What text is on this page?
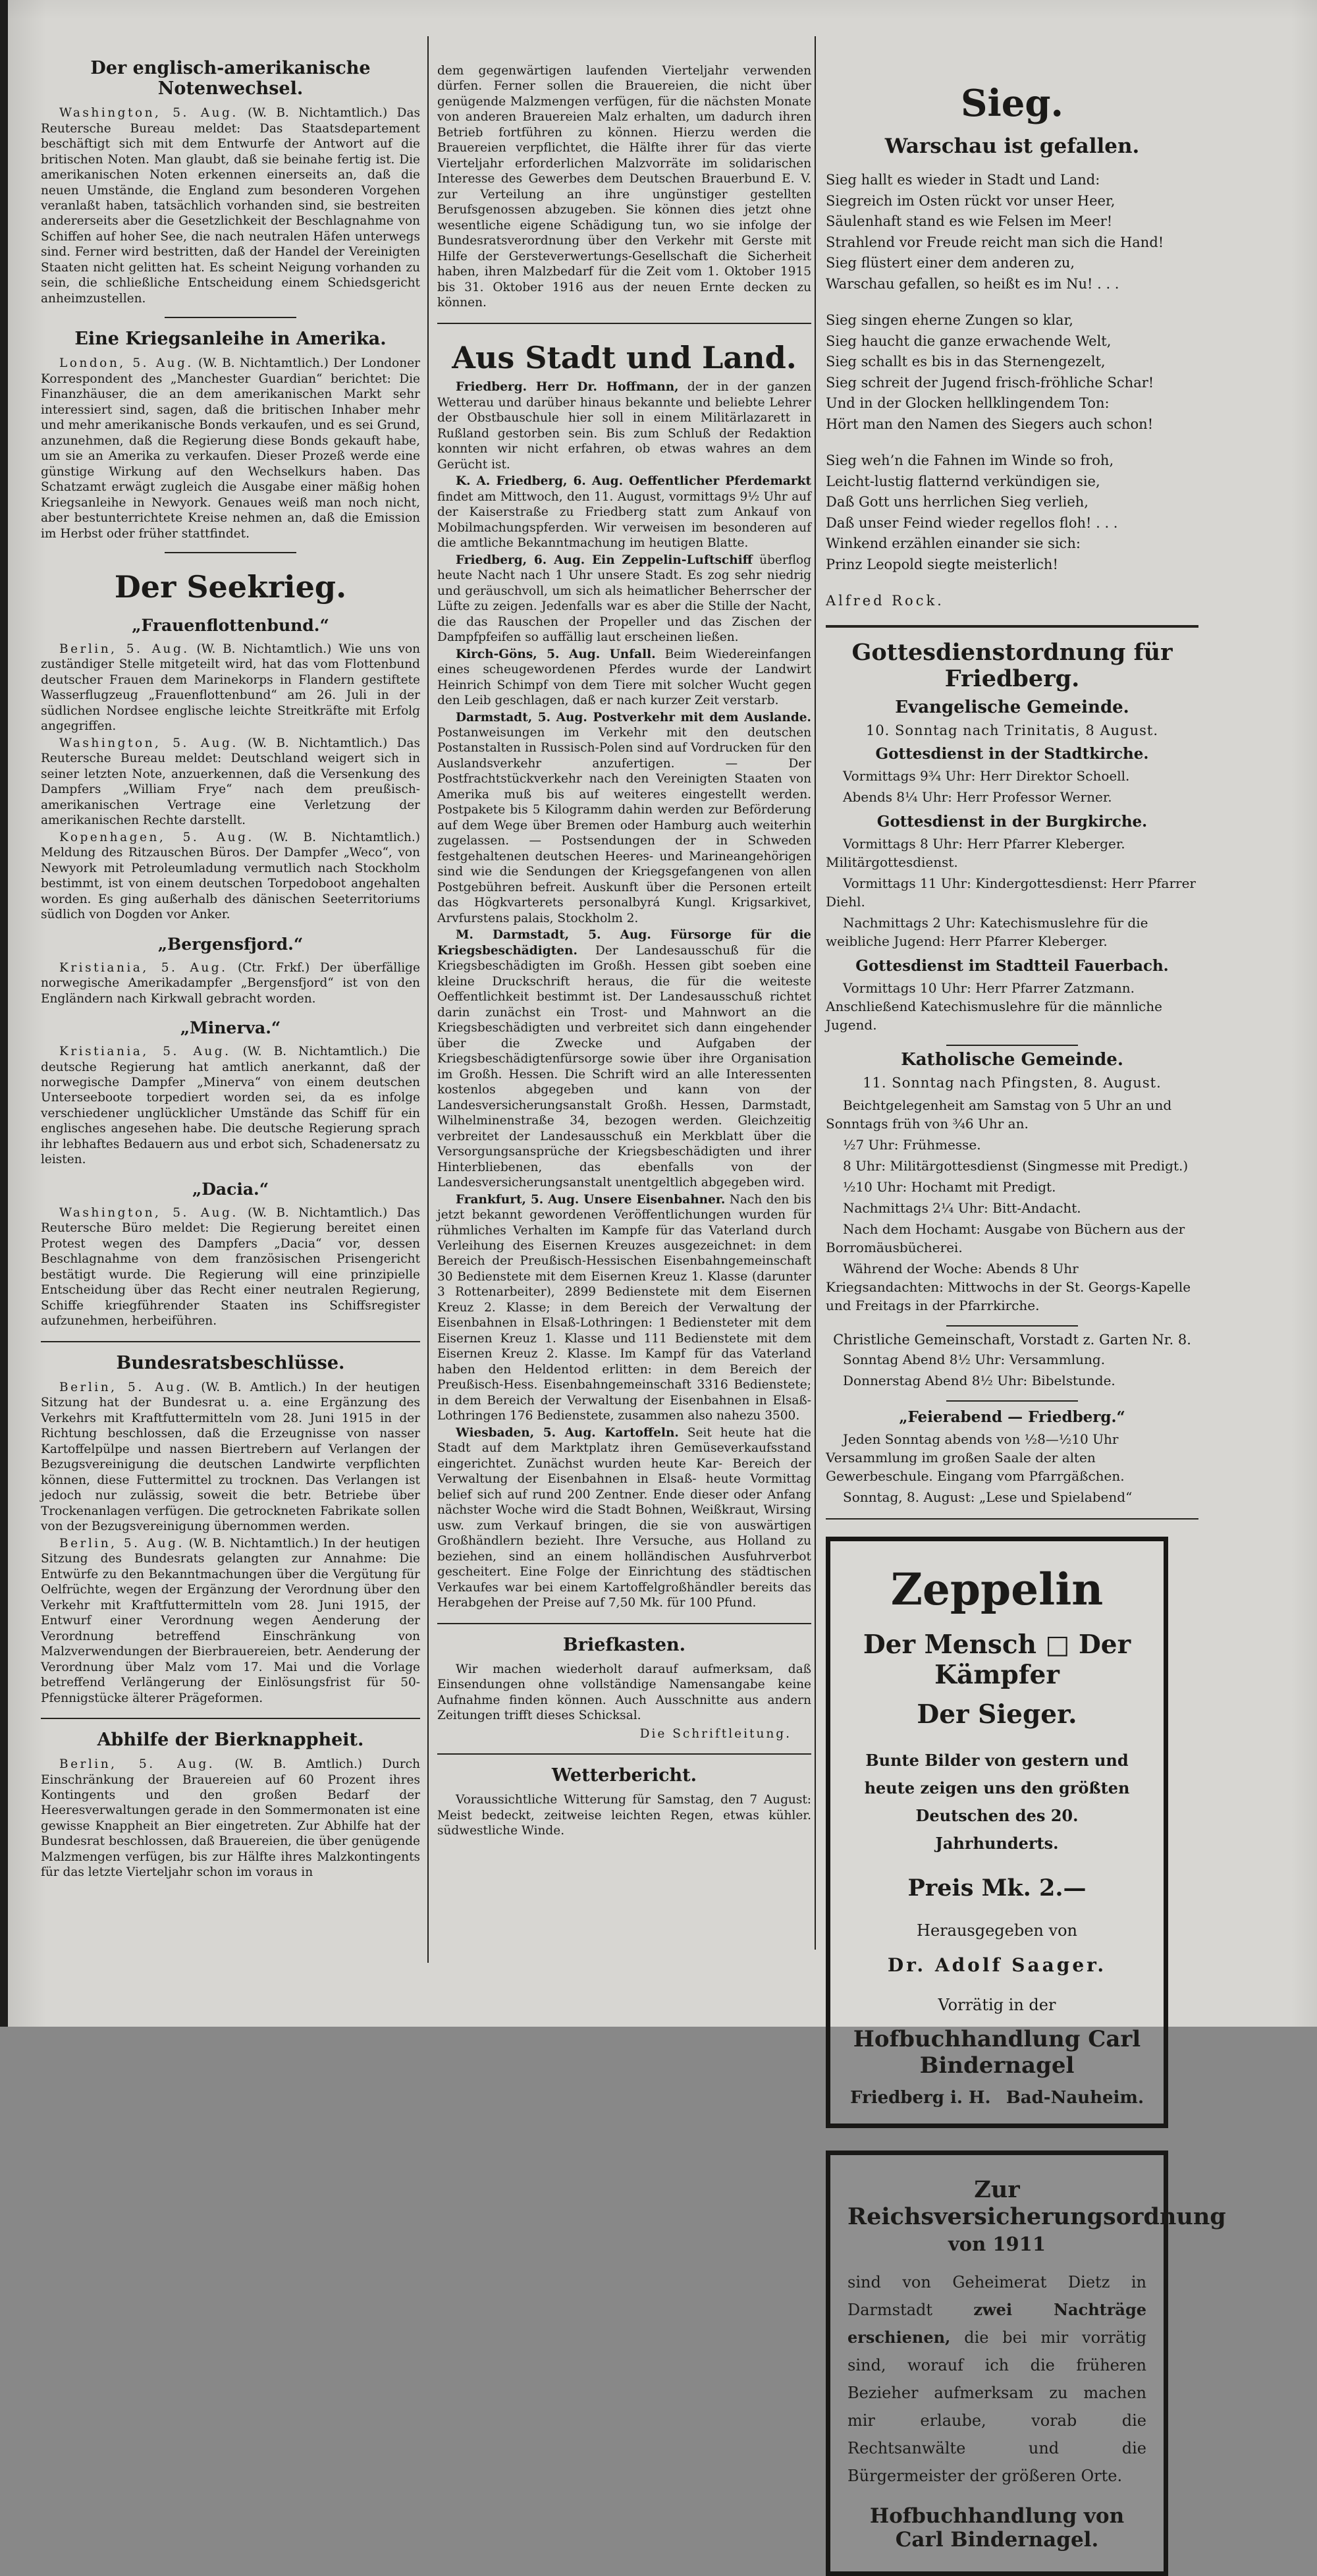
Der englisch-amerikanische Notenwechsel.

Washington, 5. Aug. (W. B. Nichtamtlich.) Das Reutersche Bureau meldet: Das Staatsdepartement beschäftigt sich mit dem Entwurfe der Antwort auf die britischen Noten. Man glaubt, daß sie beinahe fertig ist. Die amerikanischen Noten erkennen einerseits an, daß die neuen Umstände, die England zum besonderen Vorgehen veranlaßt haben, tatsächlich vorhanden sind, sie bestreiten andererseits aber die Gesetzlichkeit der Beschlagnahme von Schiffen auf hoher See, die nach neutralen Häfen unterwegs sind. Ferner wird bestritten, daß der Handel der Vereinigten Staaten nicht gelitten hat. Es scheint Neigung vorhanden zu sein, die schließliche Entscheidung einem Schiedsgericht anheimzustellen.

Eine Kriegsanleihe in Amerika.

London, 5. Aug. (W. B. Nichtamtlich.) Der Londoner Korrespondent des „Manchester Guardian“ berichtet: Die Finanzhäuser, die an dem amerikanischen Markt sehr interessiert sind, sagen, daß die britischen Inhaber mehr und mehr amerikanische Bonds verkaufen, und es sei Grund, anzunehmen, daß die Regierung diese Bonds gekauft habe, um sie an Amerika zu verkaufen. Dieser Prozeß werde eine günstige Wirkung auf den Wechselkurs haben. Das Schatzamt erwägt zugleich die Ausgabe einer mäßig hohen Kriegsanleihe in Newyork. Genaues weiß man noch nicht, aber bestunterrichtete Kreise nehmen an, daß die Emission im Herbst oder früher stattfindet.

Der Seekrieg.
„Frauenflottenbund.“

Berlin, 5. Aug. (W. B. Nichtamtlich.) Wie uns von zuständiger Stelle mitgeteilt wird, hat das vom Flottenbund deutscher Frauen dem Marinekorps in Flandern gestiftete Wasserflugzeug „Frauenflottenbund“ am 26. Juli in der südlichen Nordsee englische leichte Streitkräfte mit Erfolg angegriffen.

Washington, 5. Aug. (W. B. Nichtamtlich.) Das Reutersche Bureau meldet: Deutschland weigert sich in seiner letzten Note, anzuerkennen, daß die Versenkung des Dampfers „William Frye“ nach dem preußisch-amerikanischen Vertrage eine Verletzung der amerikanischen Rechte darstellt.

Kopenhagen, 5. Aug. (W. B. Nichtamtlich.) Meldung des Ritzauschen Büros. Der Dampfer „Weco“, von Newyork mit Petroleumladung vermutlich nach Stockholm bestimmt, ist von einem deutschen Torpedoboot angehalten worden. Es ging außerhalb des dänischen Seeterritoriums südlich von Dogden vor Anker.

„Bergensfjord.“

Kristiania, 5. Aug. (Ctr. Frkf.) Der überfällige norwegische Amerikadampfer „Bergensfjord“ ist von den Engländern nach Kirkwall gebracht worden.

„Minerva.“

Kristiania, 5. Aug. (W. B. Nichtamtlich.) Die deutsche Regierung hat amtlich anerkannt, daß der norwegische Dampfer „Minerva“ von einem deutschen Unterseeboote torpediert worden sei, da es infolge verschiedener unglücklicher Umstände das Schiff für ein englisches angesehen habe. Die deutsche Regierung sprach ihr lebhaftes Bedauern aus und erbot sich, Schadenersatz zu leisten.

„Dacia.“

Washington, 5. Aug. (W. B. Nichtamtlich.) Das Reutersche Büro meldet: Die Regierung bereitet einen Protest wegen des Dampfers „Dacia“ vor, dessen Beschlagnahme von dem französischen Prisengericht bestätigt wurde. Die Regierung will eine prinzipielle Entscheidung über das Recht einer neutralen Regierung, Schiffe kriegführender Staaten ins Schiffsregister aufzunehmen, herbeiführen.

Bundesratsbeschlüsse.

Berlin, 5. Aug. (W. B. Amtlich.) In der heutigen Sitzung hat der Bundesrat u. a. eine Ergänzung des Verkehrs mit Kraftfuttermitteln vom 28. Juni 1915 in der Richtung beschlossen, daß die Erzeugnisse von nasser Kartoffelpülpe und nassen Biertrebern auf Verlangen der Bezugsvereinigung die deutschen Landwirte verpflichten können, diese Futtermittel zu trocknen. Das Verlangen ist jedoch nur zulässig, soweit die betr. Betriebe über Trockenanlagen verfügen. Die getrockneten Fabrikate sollen von der Bezugsvereinigung übernommen werden.

Berlin, 5. Aug. (W. B. Nichtamtlich.) In der heutigen Sitzung des Bundesrats gelangten zur Annahme: Die Entwürfe zu den Bekanntmachungen über die Vergütung für Oelfrüchte, wegen der Ergänzung der Verordnung über den Verkehr mit Kraftfuttermitteln vom 28. Juni 1915, der Entwurf einer Verordnung wegen Aenderung der Verordnung betreffend Einschränkung von Malzverwendungen der Bierbrauereien, betr. Aenderung der Verordnung über Malz vom 17. Mai und die Vorlage betreffend Verlängerung der Einlösungsfrist für 50-Pfennigstücke älterer Prägeformen.

Abhilfe der Bierknappheit.

Berlin, 5. Aug. (W. B. Amtlich.) Durch Einschränkung der Brauereien auf 60 Prozent ihres Kontingents und den großen Bedarf der Heeresverwaltungen gerade in den Sommermonaten ist eine gewisse Knappheit an Bier eingetreten. Zur Abhilfe hat der Bundesrat beschlossen, daß Brauereien, die über genügende Malzmengen verfügen, bis zur Hälfte ihres Malzkontingents für das letzte Vierteljahr schon im voraus in

dem gegenwärtigen laufenden Vierteljahr verwenden dürfen. Ferner sollen die Brauereien, die nicht über genügende Malzmengen verfügen, für die nächsten Monate von anderen Brauereien Malz erhalten, um dadurch ihren Betrieb fortführen zu können. Hierzu werden die Brauereien verpflichtet, die Hälfte ihrer für das vierte Vierteljahr erforderlichen Malzvorräte im solidarischen Interesse des Gewerbes dem Deutschen Brauerbund E. V. zur Verteilung an ihre ungünstiger gestellten Berufsgenossen abzugeben. Sie können dies jetzt ohne wesentliche eigene Schädigung tun, wo sie infolge der Bundesratsverordnung über den Verkehr mit Gerste mit Hilfe der Gersteverwertungs-Gesellschaft die Sicherheit haben, ihren Malzbedarf für die Zeit vom 1. Oktober 1915 bis 31. Oktober 1916 aus der neuen Ernte decken zu können.

Aus Stadt und Land.

Friedberg. Herr Dr. Hoffmann, der in der ganzen Wetterau und darüber hinaus bekannte und beliebte Lehrer der Obstbauschule hier soll in einem Militärlazarett in Rußland gestorben sein. Bis zum Schluß der Redaktion konnten wir nicht erfahren, ob etwas wahres an dem Gerücht ist.

K. A. Friedberg, 6. Aug. Oeffentlicher Pferdemarkt findet am Mittwoch, den 11. August, vormittags 9½ Uhr auf der Kaiserstraße zu Friedberg statt zum Ankauf von Mobilmachungspferden. Wir verweisen im besonderen auf die amtliche Bekanntmachung im heutigen Blatte.

Friedberg, 6. Aug. Ein Zeppelin-Luftschiff überflog heute Nacht nach 1 Uhr unsere Stadt. Es zog sehr niedrig und geräuschvoll, um sich als heimatlicher Beherrscher der Lüfte zu zeigen. Jedenfalls war es aber die Stille der Nacht, die das Rauschen der Propeller und das Zischen der Dampfpfeifen so auffällig laut erscheinen ließen.

Kirch-Göns, 5. Aug. Unfall. Beim Wiedereinfangen eines scheugewordenen Pferdes wurde der Landwirt Heinrich Schimpf von dem Tiere mit solcher Wucht gegen den Leib geschlagen, daß er nach kurzer Zeit verstarb.

Darmstadt, 5. Aug. Postverkehr mit dem Auslande. Postanweisungen im Verkehr mit den deutschen Postanstalten in Russisch-Polen sind auf Vordrucken für den Auslandsverkehr anzufertigen. — Der Postfrachtstückverkehr nach den Vereinigten Staaten von Amerika muß bis auf weiteres eingestellt werden. Postpakete bis 5 Kilogramm dahin werden zur Beförderung auf dem Wege über Bremen oder Hamburg auch weiterhin zugelassen. — Postsendungen der in Schweden festgehaltenen deutschen Heeres- und Marineangehörigen sind wie die Sendungen der Kriegsgefangenen von allen Postgebühren befreit. Auskunft über die Personen erteilt das Högkvarterets personalbyrá Kungl. Krigsarkivet, Arvfurstens palais, Stockholm 2.

M. Darmstadt, 5. Aug. Fürsorge für die Kriegsbeschädigten. Der Landesausschuß für die Kriegsbeschädigten im Großh. Hessen gibt soeben eine kleine Druckschrift heraus, die für die weiteste Oeffentlichkeit bestimmt ist. Der Landesausschuß richtet darin zunächst ein Trost- und Mahnwort an die Kriegsbeschädigten und verbreitet sich dann eingehender über die Zwecke und Aufgaben der Kriegsbeschädigtenfürsorge sowie über ihre Organisation im Großh. Hessen. Die Schrift wird an alle Interessenten kostenlos abgegeben und kann von der Landesversicherungsanstalt Großh. Hessen, Darmstadt, Wilhelminenstraße 34, bezogen werden. Gleichzeitig verbreitet der Landesausschuß ein Merkblatt über die Versorgungsansprüche der Kriegsbeschädigten und ihrer Hinterbliebenen, das ebenfalls von der Landesversicherungsanstalt unentgeltlich abgegeben wird.

Frankfurt, 5. Aug. Unsere Eisenbahner. Nach den bis jetzt bekannt gewordenen Veröffentlichungen wurden für rühmliches Verhalten im Kampfe für das Vaterland durch Verleihung des Eisernen Kreuzes ausgezeichnet: in dem Bereich der Preußisch-Hessischen Eisenbahngemeinschaft 30 Bedienstete mit dem Eisernen Kreuz 1. Klasse (darunter 3 Rottenarbeiter), 2899 Bedienstete mit dem Eisernen Kreuz 2. Klasse; in dem Bereich der Verwaltung der Eisenbahnen in Elsaß-Lothringen: 1 Bediensteter mit dem Eisernen Kreuz 1. Klasse und 111 Bedienstete mit dem Eisernen Kreuz 2. Klasse. Im Kampf für das Vaterland haben den Heldentod erlitten: in dem Bereich der Preußisch-Hess. Eisenbahngemeinschaft 3316 Bedienstete; in dem Bereich der Verwaltung der Eisenbahnen in Elsaß-Lothringen 176 Bedienstete, zusammen also nahezu 3500.

Wiesbaden, 5. Aug. Kartoffeln. Seit heute hat die Stadt auf dem Marktplatz ihren Gemüseverkaufsstand eingerichtet. Zunächst wurden heute Kar- Bereich der Verwaltung der Eisenbahnen in Elsaß- heute Vormittag belief sich auf rund 200 Zentner. Ende dieser oder Anfang nächster Woche wird die Stadt Bohnen, Weißkraut, Wirsing usw. zum Verkauf bringen, die sie von auswärtigen Großhändlern bezieht. Ihre Versuche, aus Holland zu beziehen, sind an einem holländischen Ausfuhrverbot gescheitert. Eine Folge der Einrichtung des städtischen Verkaufes war bei einem Kartoffelgroßhändler bereits das Herabgehen der Preise auf 7,50 Mk. für 100 Pfund.

Briefkasten.

Wir machen wiederholt darauf aufmerksam, daß Einsendungen ohne vollständige Namensangabe keine Aufnahme finden können. Auch Ausschnitte aus andern Zeitungen trifft dieses Schicksal.

Die Schriftleitung.

Wetterbericht.

Voraussichtliche Witterung für Samstag, den 7 August: Meist bedeckt, zeitweise leichten Regen, etwas kühler. südwestliche Winde.

Sieg.
Warschau ist gefallen.

Sieg hallt es wieder in Stadt und Land:

Siegreich im Osten rückt vor unser Heer,

Säulenhaft stand es wie Felsen im Meer!

Strahlend vor Freude reicht man sich die Hand!

Sieg flüstert einer dem anderen zu,

Warschau gefallen, so heißt es im Nu! . . .

Sieg singen eherne Zungen so klar,

Sieg haucht die ganze erwachende Welt,

Sieg schallt es bis in das Sternengezelt,

Sieg schreit der Jugend frisch-fröhliche Schar!

Und in der Glocken hellklingendem Ton:

Hört man den Namen des Siegers auch schon!

Sieg weh’n die Fahnen im Winde so froh,

Leicht-lustig flatternd verkündigen sie,

Daß Gott uns herrlichen Sieg verlieh,

Daß unser Feind wieder regellos floh! . . .

Winkend erzählen einander sie sich:

Prinz Leopold siegte meisterlich!

Alfred Rock.

Gottesdienstordnung für Friedberg.
Evangelische Gemeinde.

10. Sonntag nach Trinitatis, 8 August.

Gottesdienst in der Stadtkirche.

Vormittags 9¾ Uhr: Herr Direktor Schoell.

Abends 8¼ Uhr: Herr Professor Werner.

Gottesdienst in der Burgkirche.

Vormittags 8 Uhr: Herr Pfarrer Kleberger. Militärgottesdienst.

Vormittags 11 Uhr: Kindergottesdienst: Herr Pfarrer Diehl.

Nachmittags 2 Uhr: Katechismuslehre für die weibliche Jugend: Herr Pfarrer Kleberger.

Gottesdienst im Stadtteil Fauerbach.

Vormittags 10 Uhr: Herr Pfarrer Zatzmann. Anschließend Katechismuslehre für die männliche Jugend.

Katholische Gemeinde.

11. Sonntag nach Pfingsten, 8. August.

Beichtgelegenheit am Samstag von 5 Uhr an und Sonntags früh von ¾6 Uhr an.

½7 Uhr: Frühmesse.

8 Uhr: Militärgottesdienst (Singmesse mit Predigt.)

½10 Uhr: Hochamt mit Predigt.

Nachmittags 2¼ Uhr: Bitt-Andacht.

Nach dem Hochamt: Ausgabe von Büchern aus der Borromäusbücherei.

Während der Woche: Abends 8 Uhr Kriegsandachten: Mittwochs in der St. Georgs-Kapelle und Freitags in der Pfarrkirche.

Christliche Gemeinschaft, Vorstadt z. Garten Nr. 8.

Sonntag Abend 8½ Uhr: Versammlung.

Donnerstag Abend 8½ Uhr: Bibelstunde.

„Feierabend — Friedberg.“

Jeden Sonntag abends von ½8—½10 Uhr Versammlung im großen Saale der alten Gewerbeschule. Eingang vom Pfarrgäßchen.

Sonntag, 8. August: „Lese und Spielabend“

Zeppelin
Der Mensch □ Der Kämpfer
Der Sieger.
Bunte Bilder von gestern und heute zeigen uns den größten Deutschen des 20. Jahrhunderts.
Preis Mk. 2.—
Herausgegeben von
Dr. Adolf Saager.
Vorrätig in der
Hofbuchhandlung Carl Bindernagel
Friedberg i. H. Bad-Nauheim.
Zur Reichsversicherungsordnung
von 1911

sind von Geheimerat Dietz in Darmstadt	zwei Nachträge erschienen, die bei mir vorrätig sind, worauf ich die früheren Bezieher aufmerksam zu machen mir erlaube, vorab die Rechtsanwälte und die Bürgermeister der größeren Orte.

Hofbuchhandlung von Carl Bindernagel.
